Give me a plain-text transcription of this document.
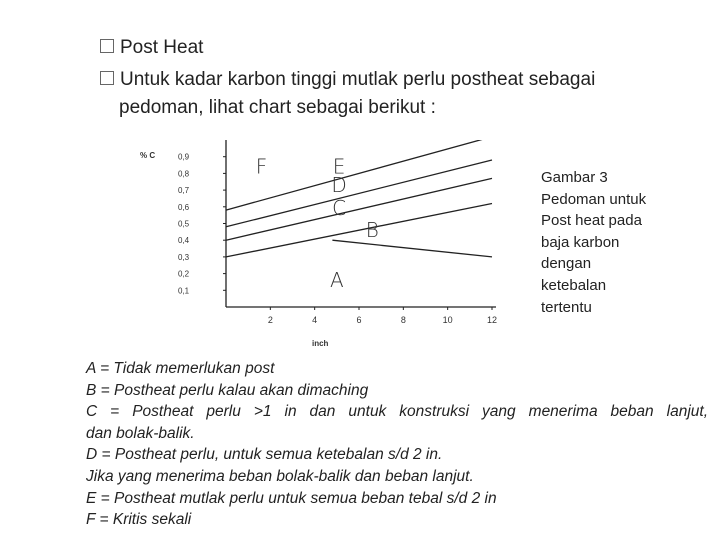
Post Heat
Untuk kadar karbon tinggi mutlak perlu postheat sebagai
pedoman, lihat chart sebagai berikut :
% C
inch
0,9
0,8
0,7
0,6
0,5
0,4
0,3
0,2
0,1
2	4	6	8	10	12
F	E
D
C
B
A
Gambar 3
Pedoman untuk
Post heat pada
baja karbon
dengan
ketebalan
tertentu
A = Tidak memerlukan post
B = Postheat perlu kalau akan dimaching
C = Postheat perlu >1 in dan untuk konstruksi yang menerima beban lanjut,
dan bolak-balik.
D = Postheat perlu, untuk semua ketebalan s/d 2 in.
Jika yang menerima beban bolak-balik dan beban lanjut.
E = Postheat mutlak perlu untuk semua beban tebal s/d 2 in
F = Kritis sekali
